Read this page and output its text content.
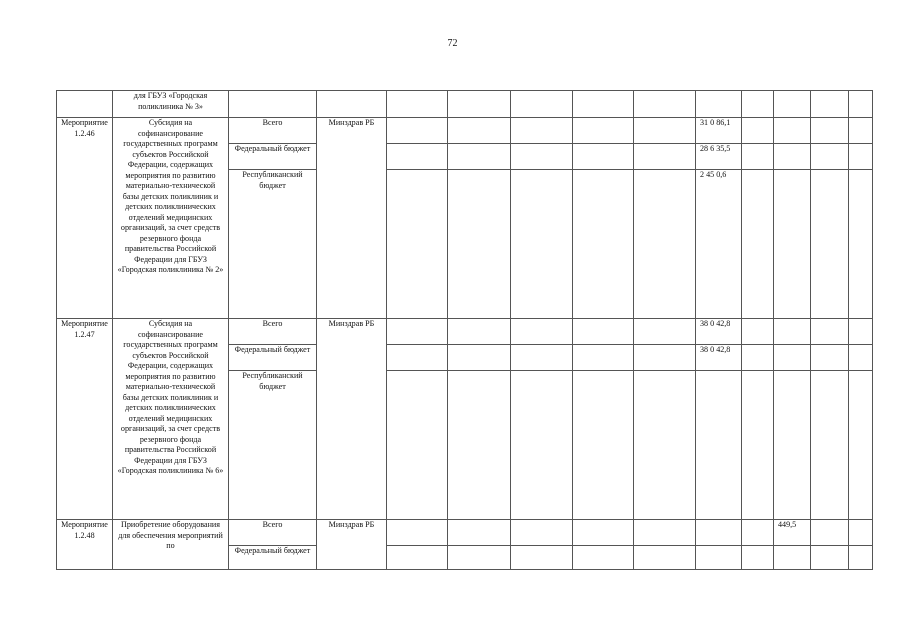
72
	для ГБУЗ «Городская поликлиника № 3»												
Мероприятие 1.2.46	Субсидия на софинансирование государственных программ субъектов Российской Федерации, содержащих мероприятия по развитию материально-технической базы детских поликлиник и детских поликлинических отделений медицинских организаций, за счет средств резервного фонда правительства Российской Федерации для ГБУЗ «Городская поликлиника № 2»	Всего	Минздрав РБ						31 0 86,1				
		Федеральный бюджет							28 6 35,5				
		Республиканский бюджет							2 45 0,6				
Мероприятие 1.2.47	Субсидия на софинансирование государственных программ субъектов Российской Федерации, содержащих мероприятия по развитию материально-технической базы детских поликлиник и детских поликлинических отделений медицинских организаций, за счет средств резервного фонда правительства Российской Федерации для ГБУЗ «Городская поликлиника № 6»	Всего	Минздрав РБ						38 0 42,8				
		Федеральный бюджет							38 0 42,8				
		Республиканский бюджет											
Мероприятие 1.2.48	Приобретение оборудования для обеспечения мероприятий по	Всего	Минздрав РБ								449,5		
		Федеральный бюджет											
